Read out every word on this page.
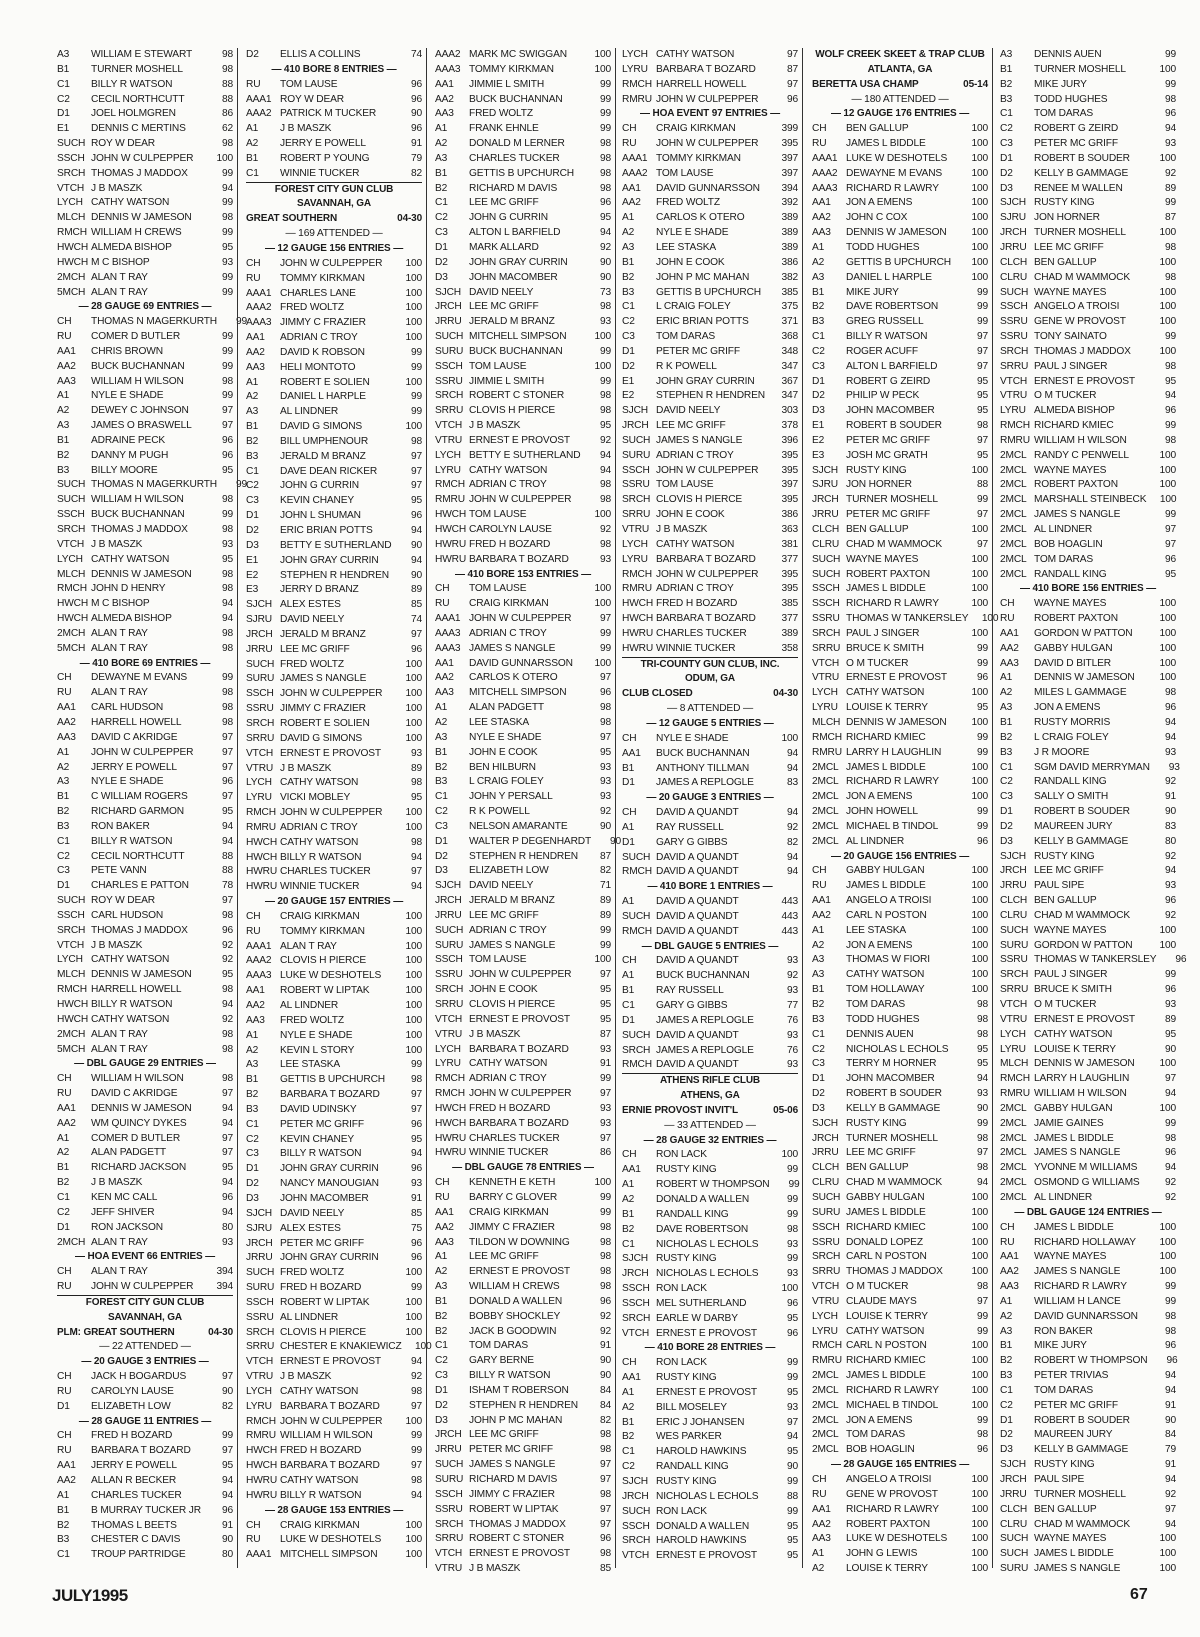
A3	WILLIAM E STEWART	98
B1	TURNER MOSHELL	98
C1	BILLY R WATSON	88
C2	CECIL NORTHCUTT	88
D1	JOEL HOLMGREN	86
E1	DENNIS C MERTINS	62
SUCH ROY W DEAR	98
SSCH JOHN W CULPEPPER	100
SRCH THOMAS J MADDOX	99
VTCH J B MASZK	94
LYCH CATHY WATSON	99
MLCH DENNIS W JAMESON	98
RMCH WILLIAM H CREWS	99
HWCH ALMEDA BISHOP	95
HWCH M C BISHOP	93
2MCH ALAN T RAY	99
5MCH ALAN T RAY	99
— 28 GAUGE 69 ENTRIES —
CH	THOMAS N MAGERKURTH	99
RU	COMER D BUTLER	99
AA1	CHRIS BROWN	99
AA2	BUCK BUCHANNAN	99
AA3	WILLIAM H WILSON	98
A1	NYLE E SHADE	99
A2	DEWEY C JOHNSON	97
A3	JAMES O BRASWELL	97
B1	ADRAINE PECK	96
B2	DANNY M PUGH	96
B3	BILLY MOORE	95
SUCH THOMAS N MAGERKURTH	99
SUCH WILLIAM H WILSON	98
SSCH BUCK BUCHANNAN	99
SRCH THOMAS J MADDOX	98
VTCH J B MASZK	93
LYCH CATHY WATSON	95
MLCH DENNIS W JAMESON	98
RMCH JOHN D HENRY	98
HWCH M C BISHOP	94
HWCH ALMEDA BISHOP	94
2MCH ALAN T RAY	98
5MCH ALAN T RAY	98
— 410 BORE 69 ENTRIES —
CH	DEWAYNE M EVANS	99
RU	ALAN T RAY	98
AA1	CARL HUDSON	98
AA2	HARRELL HOWELL	98
AA3	DAVID C AKRIDGE	97
A1	JOHN W CULPEPPER	97
A2	JERRY E POWELL	97
A3	NYLE E SHADE	96
B1	C WILLIAM ROGERS	97
B2	RICHARD GARMON	95
B3	RON BAKER	94
C1	BILLY R WATSON	94
C2	CECIL NORTHCUTT	88
C3	PETE VANN	88
D1	CHARLES E PATTON	78
SUCH ROY W DEAR	97
SSCH CARL HUDSON	98
SRCH THOMAS J MADDOX	96
VTCH J B MASZK	92
LYCH CATHY WATSON	92
MLCH DENNIS W JAMESON	95
RMCH HARRELL HOWELL	98
HWCH BILLY R WATSON	94
HWCH CATHY WATSON	92
2MCH ALAN T RAY	98
5MCH ALAN T RAY	98
— DBL GAUGE 29 ENTRIES —
CH	WILLIAM H WILSON	98
RU	DAVID C AKRIDGE	97
AA1	DENNIS W JAMESON	94
AA2	WM QUINCY DYKES	94
A1	COMER D BUTLER	97
A2	ALAN PADGETT	97
B1	RICHARD JACKSON	95
B2	J B MASZK	94
C1	KEN MC CALL	96
C2	JEFF SHIVER	94
D1	RON JACKSON	80
2MCH ALAN T RAY	93
— HOA EVENT 66 ENTRIES —
CH	ALAN T RAY	394
RU	JOHN W CULPEPPER	394
FOREST CITY GUN CLUB
SAVANNAH, GA
PLM: GREAT SOUTHERN	04-30
— 22 ATTENDED —
— 20 GAUGE 3 ENTRIES —
CH	JACK H BOGARDUS	97
RU	CAROLYN LAUSE	90
D1	ELIZABETH LOW	82
— 28 GAUGE 11 ENTRIES —
CH	FRED H BOZARD	99
RU	BARBARA T BOZARD	97
AA1	JERRY E POWELL	95
AA2	ALLAN R BECKER	94
A1	CHARLES TUCKER	94
B1	B MURRAY TUCKER JR	96
B2	THOMAS L BEETS	91
B3	CHESTER C DAVIS	90
C1	TROUP PARTRIDGE	80
D2	ELLIS A COLLINS	74
— 410 BORE 8 ENTRIES —
RU	TOM LAUSE	96
AAA1 ROY W DEAR	96
AAA2 PATRICK M TUCKER	90
A1	J B MASZK	96
A2	JERRY E POWELL	91
B1	ROBERT P YOUNG	79
C1	WINNIE TUCKER	82
FOREST CITY GUN CLUB
SAVANNAH, GA
GREAT SOUTHERN	04-30
— 169 ATTENDED —
— 12 GAUGE 156 ENTRIES —
CH	JOHN W CULPEPPER	100
RU	TOMMY KIRKMAN	100
AAA1 CHARLES LANE	100
AAA2 FRED WOLTZ	100
AAA3 JIMMY C FRAZIER	100
AA1	ADRIAN C TROY	100
AA2	DAVID K ROBSON	99
AA3	HELI MONTOTO	99
A1	ROBERT E SOLIEN	100
A2	DANIEL L HARPLE	99
A3	AL LINDNER	99
B1	DAVID G SIMONS	100
B2	BILL UMPHENOUR	98
B3	JERALD M BRANZ	97
C1	DAVE DEAN RICKER	97
C2	JOHN G CURRIN	97
C3	KEVIN CHANEY	95
D1	JOHN L SHUMAN	96
D2	ERIC BRIAN POTTS	94
D3	BETTY E SUTHERLAND	90
E1	JOHN GRAY CURRIN	94
E2	STEPHEN R HENDREN	90
E3	JERRY D BRANZ	89
SJCH ALEX ESTES	85
SJRU DAVID NEELY	74
JRCH JERALD M BRANZ	97
JRRU LEE MC GRIFF	96
SUCH FRED WOLTZ	100
SURU JAMES S NANGLE	100
SSCH JOHN W CULPEPPER	100
SSRU JIMMY C FRAZIER	100
SRCH ROBERT E SOLIEN	100
SRRU DAVID G SIMONS	100
VTCH ERNEST E PROVOST	93
VTRU J B MASZK	89
LYCH CATHY WATSON	98
LYRU VICKI MOBLEY	95
RMCH JOHN W CULPEPPER	100
RMRU ADRIAN C TROY	100
HWCH CATHY WATSON	98
HWCH BILLY R WATSON	94
HWRU CHARLES TUCKER	97
HWRU WINNIE TUCKER	94
— 20 GAUGE 157 ENTRIES —
CH	CRAIG KIRKMAN	100
RU	TOMMY KIRKMAN	100
AAA1 ALAN T RAY	100
AAA2 CLOVIS H PIERCE	100
AAA3 LUKE W DESHOTELS	100
AA1	ROBERT W LIPTAK	100
AA2	AL LINDNER	100
AA3	FRED WOLTZ	100
A1	NYLE E SHADE	100
A2	KEVIN L STORY	100
A3	LEE STASKA	99
B1	GETTIS B UPCHURCH	98
B2	BARBARA T BOZARD	97
B3	DAVID UDINSKY	97
C1	PETER MC GRIFF	96
C2	KEVIN CHANEY	95
C3	BILLY R WATSON	94
D1	JOHN GRAY CURRIN	96
D2	NANCY MANOUGIAN	93
D3	JOHN MACOMBER	91
SJCH DAVID NEELY	85
SJRU ALEX ESTES	75
JRCH PETER MC GRIFF	96
JRRU JOHN GRAY CURRIN	96
SUCH FRED WOLTZ	100
SURU FRED H BOZARD	99
SSCH ROBERT W LIPTAK	100
SSRU AL LINDNER	100
SRCH CLOVIS H PIERCE	100
SRRU CHESTER E KNAKIEWICZ	100
VTCH ERNEST E PROVOST	94
VTRU J B MASZK	92
LYCH CATHY WATSON	98
LYRU BARBARA T BOZARD	97
RMCH JOHN W CULPEPPER	100
RMRU WILLIAM H WILSON	99
HWCH FRED H BOZARD	99
HWCH BARBARA T BOZARD	97
HWRU CATHY WATSON	98
HWRU BILLY R WATSON	94
— 28 GAUGE 153 ENTRIES —
CH	CRAIG KIRKMAN	100
RU	LUKE W DESHOTELS	100
AAA1 MITCHELL SIMPSON	100
AAA2 MARK MC SWIGGAN	100
AAA3 TOMMY KIRKMAN	100
AA1	JIMMIE L SMITH	99
AA2	BUCK BUCHANNAN	99
AA3	FRED WOLTZ	99
A1	FRANK EHNLE	99
A2	DONALD M LERNER	98
A3	CHARLES TUCKER	98
B1	GETTIS B UPCHURCH	98
B2	RICHARD M DAVIS	98
C1	LEE MC GRIFF	96
C2	JOHN G CURRIN	95
C3	ALTON L BARFIELD	94
D1	MARK ALLARD	92
D2	JOHN GRAY CURRIN	90
D3	JOHN MACOMBER	90
SJCH DAVID NEELY	73
JRCH LEE MC GRIFF	98
JRRU JERALD M BRANZ	93
SUCH MITCHELL SIMPSON	100
SURU BUCK BUCHANNAN	99
SSCH TOM LAUSE	100
SSRU JIMMIE L SMITH	99
SRCH ROBERT C STONER	98
SRRU CLOVIS H PIERCE	98
VTCH J B MASZK	95
VTRU ERNEST E PROVOST	92
LYCH BETTY E SUTHERLAND	94
LYRU CATHY WATSON	94
RMCH ADRIAN C TROY	98
RMRU JOHN W CULPEPPER	98
HWCH TOM LAUSE	100
HWCH CAROLYN LAUSE	92
HWRU FRED H BOZARD	98
HWRU BARBARA T BOZARD	93
— 410 BORE 153 ENTRIES —
CH	TOM LAUSE	100
RU	CRAIG KIRKMAN	100
AAA1 JOHN W CULPEPPER	97
AAA3 ADRIAN C TROY	99
AAA3 JAMES S NANGLE	99
AA1	DAVID GUNNARSSON	100
AA2	CARLOS K OTERO	97
AA3	MITCHELL SIMPSON	96
A1	ALAN PADGETT	98
A2	LEE STASKA	98
A3	NYLE E SHADE	97
B1	JOHN E COOK	95
B2	BEN HILBURN	93
B3	L CRAIG FOLEY	93
C1	JOHN Y PERSALL	93
C2	R K POWELL	92
C3	NELSON AMARANTE	90
D1	WALTER P DEGENHARDT	90
D2	STEPHEN R HENDREN	87
D3	ELIZABETH LOW	82
SJCH DAVID NEELY	71
JRCH JERALD M BRANZ	89
JRRU LEE MC GRIFF	89
SUCH ADRIAN C TROY	99
SURU JAMES S NANGLE	99
SSCH TOM LAUSE	100
SSRU JOHN W CULPEPPER	97
SRCH JOHN E COOK	95
SRRU CLOVIS H PIERCE	95
VTCH ERNEST E PROVOST	95
VTRU J B MASZK	87
LYCH BARBARA T BOZARD	93
LYRU CATHY WATSON	91
RMCH ADRIAN C TROY	99
RMCH JOHN W CULPEPPER	97
HWCH FRED H BOZARD	93
HWCH BARBARA T BOZARD	93
HWRU CHARLES TUCKER	97
HWRU WINNIE TUCKER	86
— DBL GAUGE 78 ENTRIES —
CH	KENNETH E KETH	100
RU	BARRY C GLOVER	99
AA1	CRAIG KIRKMAN	99
AA2	JIMMY C FRAZIER	98
AA3	TILDON W DOWNING	98
A1	LEE MC GRIFF	98
A2	ERNEST E PROVOST	98
A3	WILLIAM H CREWS	98
B1	DONALD A WALLEN	96
B2	BOBBY SHOCKLEY	92
B2	JACK B GOODWIN	92
C1	TOM DARAS	91
C2	GARY BERNE	90
C3	BILLY R WATSON	90
D1	ISHAM T ROBERSON	84
D2	STEPHEN R HENDREN	84
D3	JOHN P MC MAHAN	82
JRCH LEE MC GRIFF	98
JRRU PETER MC GRIFF	98
SUCH JAMES S NANGLE	97
SURU RICHARD M DAVIS	97
SSCH JIMMY C FRAZIER	98
SSRU ROBERT W LIPTAK	97
SRCH THOMAS J MADDOX	97
SRRU ROBERT C STONER	96
VTCH ERNEST E PROVOST	98
VTRU J B MASZK	85
LYCH CATHY WATSON	97
LYRU BARBARA T BOZARD	87
RMCH HARRELL HOWELL	97
RMRU JOHN W CULPEPPER	96
— HOA EVENT 97 ENTRIES —
CH	CRAIG KIRKMAN	399
RU	JOHN W CULPEPPER	395
AAA1 TOMMY KIRKMAN	397
AAA2 TOM LAUSE	397
AA1	DAVID GUNNARSSON	394
AA2	FRED WOLTZ	392
A1	CARLOS K OTERO	389
A2	NYLE E SHADE	389
A3	LEE STASKA	389
B1	JOHN E COOK	386
B2	JOHN P MC MAHAN	382
B3	GETTIS B UPCHURCH	385
C1	L CRAIG FOLEY	375
C2	ERIC BRIAN POTTS	371
C3	TOM DARAS	368
D1	PETER MC GRIFF	348
D2	R K POWELL	347
E1	JOHN GRAY CURRIN	367
E2	STEPHEN R HENDREN	347
SJCH DAVID NEELY	303
JRCH LEE MC GRIFF	378
SUCH JAMES S NANGLE	396
SURU ADRIAN C TROY	395
SSCH JOHN W CULPEPPER	395
SSRU TOM LAUSE	397
SRCH CLOVIS H PIERCE	395
SRRU JOHN E COOK	386
VTRU J B MASZK	363
LYCH CATHY WATSON	381
LYRU BARBARA T BOZARD	377
RMCH JOHN W CULPEPPER	395
RMRU ADRIAN C TROY	395
HWCH FRED H BOZARD	385
HWCH BARBARA T BOZARD	377
HWRU CHARLES TUCKER	389
HWRU WINNIE TUCKER	358
TRI-COUNTY GUN CLUB, INC.
ODUM, GA
CLUB CLOSED	04-30
— 8 ATTENDED —
— 12 GAUGE 5 ENTRIES —
CH	NYLE E SHADE	100
AA1	BUCK BUCHANNAN	94
B1	ANTHONY TILLMAN	94
D1	JAMES A REPLOGLE	83
— 20 GAUGE 3 ENTRIES —
CH	DAVID A QUANDT	94
A1	RAY RUSSELL	92
D1	GARY G GIBBS	82
SUCH DAVID A QUANDT	94
RMCH DAVID A QUANDT	94
— 410 BORE 1 ENTRIES —
A1	DAVID A QUANDT	443
SUCH DAVID A QUANDT	443
RMCH DAVID A QUANDT	443
— DBL GAUGE 5 ENTRIES —
CH	DAVID A QUANDT	93
A1	BUCK BUCHANNAN	92
B1	RAY RUSSELL	93
C1	GARY G GIBBS	77
D1	JAMES A REPLOGLE	76
SUCH DAVID A QUANDT	93
SRCH JAMES A REPLOGLE	76
RMCH DAVID A QUANDT	93
ATHENS RIFLE CLUB
ATHENS, GA
ERNIE PROVOST INVIT'L	05-06
— 33 ATTENDED —
— 28 GAUGE 32 ENTRIES —
CH	RON LACK	100
AA1	RUSTY KING	99
A1	ROBERT W THOMPSON	99
A2	DONALD A WALLEN	99
B1	RANDALL KING	99
B2	DAVE ROBERTSON	98
C1	NICHOLAS L ECHOLS	93
SJCH RUSTY KING	99
JRCH NICHOLAS L ECHOLS	93
SSCH RON LACK	100
SSCH MEL SUTHERLAND	96
SRCH EARLE W DARBY	95
VTCH ERNEST E PROVOST	96
— 410 BORE 28 ENTRIES —
CH	RON LACK	99
AA1	RUSTY KING	99
A1	ERNEST E PROVOST	95
A2	BILL MOSELEY	93
B1	ERIC J JOHANSEN	97
B2	WES PARKER	94
C1	HAROLD HAWKINS	95
C2	RANDALL KING	90
SJCH RUSTY KING	99
JRCH NICHOLAS L ECHOLS	88
SUCH RON LACK	99
SSCH DONALD A WALLEN	95
SRCH HAROLD HAWKINS	95
VTCH ERNEST E PROVOST	95
WOLF CREEK SKEET & TRAP CLUB
ATLANTA, GA
BERETTA USA CHAMP	05-14
— 180 ATTENDED —
— 12 GAUGE 176 ENTRIES —
CH	BEN GALLUP	100
RU	JAMES L BIDDLE	100
AAA1 LUKE W DESHOTELS	100
AAA2 DEWAYNE M EVANS	100
AAA3 RICHARD R LAWRY	100
AA1	JON A EMENS	100
AA2	JOHN C COX	100
AA3	DENNIS W JAMESON	100
A1	TODD HUGHES	100
A2	GETTIS B UPCHURCH	100
A3	DANIEL L HARPLE	100
B1	MIKE JURY	99
B2	DAVE ROBERTSON	99
B3	GREG RUSSELL	99
C1	BILLY R WATSON	97
C2	ROGER ACUFF	97
C3	ALTON L BARFIELD	97
D1	ROBERT G ZEIRD	95
D2	PHILIP W PECK	95
D3	JOHN MACOMBER	95
E1	ROBERT B SOUDER	98
E2	PETER MC GRIFF	97
E3	JOSH MC GRATH	95
SJCH RUSTY KING	100
SJRU JON HORNER	88
JRCH TURNER MOSHELL	99
JRRU PETER MC GRIFF	97
CLCH BEN GALLUP	100
CLRU CHAD M WAMMOCK	97
SUCH WAYNE MAYES	100
SUCH ROBERT PAXTON	100
SSCH JAMES L BIDDLE	100
SSCH RICHARD R LAWRY	100
SSRU THOMAS W TANKERSLEY	100
SRCH PAUL J SINGER	100
SRRU BRUCE K SMITH	99
VTCH O M TUCKER	99
VTRU ERNEST E PROVOST	96
LYCH CATHY WATSON	100
LYRU LOUISE K TERRY	95
MLCH DENNIS W JAMESON	100
RMCH RICHARD KMIEC	99
RMRU LARRY H LAUGHLIN	99
2MCL JAMES L BIDDLE	100
2MCL RICHARD R LAWRY	100
2MCL JON A EMENS	100
2MCL JOHN HOWELL	99
2MCL MICHAEL B TINDOL	99
2MCL AL LINDNER	96
— 20 GAUGE 156 ENTRIES —
CH	GABBY HULGAN	100
RU	JAMES L BIDDLE	100
AA1	ANGELO A TROISI	100
AA2	CARL N POSTON	100
A1	LEE STASKA	100
A2	JON A EMENS	100
A3	THOMAS W FIORI	100
A3	CATHY WATSON	100
B1	TOM HOLLAWAY	100
B2	TOM DARAS	98
B3	TODD HUGHES	98
C1	DENNIS AUEN	98
C2	NICHOLAS L ECHOLS	95
C3	TERRY M HORNER	95
D1	JOHN MACOMBER	94
D2	ROBERT B SOUDER	93
D3	KELLY B GAMMAGE	90
SJCH RUSTY KING	99
JRCH TURNER MOSHELL	98
JRRU LEE MC GRIFF	97
CLCH BEN GALLUP	98
CLRU CHAD M WAMMOCK	94
SUCH GABBY HULGAN	100
SURU JAMES L BIDDLE	100
SSCH RICHARD KMIEC	100
SSRU DONALD LOPEZ	100
SRCH CARL N POSTON	100
SRRU THOMAS J MADDOX	100
VTCH O M TUCKER	98
VTRU CLAUDE MAYS	97
LYCH LOUISE K TERRY	99
LYRU CATHY WATSON	99
RMCH CARL N POSTON	100
RMRU RICHARD KMIEC	100
2MCL JAMES L BIDDLE	100
2MCL RICHARD R LAWRY	100
2MCL MICHAEL B TINDOL	100
2MCL JON A EMENS	99
2MCL TOM DARAS	98
2MCL BOB HOAGLIN	96
— 28 GAUGE 165 ENTRIES —
CH	ANGELO A TROISI	100
RU	GENE W PROVOST	100
AA1	RICHARD R LAWRY	100
AA2	ROBERT PAXTON	100
AA3	LUKE W DESHOTELS	100
A1	JOHN G LEWIS	100
A2	LOUISE K TERRY	100
A3	DENNIS AUEN	99
B1	TURNER MOSHELL	100
B2	MIKE JURY	99
B3	TODD HUGHES	98
C1	TOM DARAS	96
C2	ROBERT G ZEIRD	94
C3	PETER MC GRIFF	93
D1	ROBERT B SOUDER	100
D2	KELLY B GAMMAGE	92
D3	RENEE M WALLEN	89
SJCH RUSTY KING	99
SJRU JON HORNER	87
JRCH TURNER MOSHELL	100
JRRU LEE MC GRIFF	98
CLCH BEN GALLUP	100
CLRU CHAD M WAMMOCK	98
SUCH WAYNE MAYES	100
SSCH ANGELO A TROISI	100
SSRU GENE W PROVOST	100
SSRU TONY SAINATO	99
SRCH THOMAS J MADDOX	100
SRRU PAUL J SINGER	98
VTCH ERNEST E PROVOST	95
VTRU O M TUCKER	94
LYRU ALMEDA BISHOP	96
RMCH RICHARD KMIEC	99
RMRU WILLIAM H WILSON	98
2MCL RANDY C PENWELL	100
2MCL WAYNE MAYES	100
2MCL ROBERT PAXTON	100
2MCL MARSHALL STEINBECK	100
2MCL JAMES S NANGLE	99
2MCL AL LINDNER	97
2MCL BOB HOAGLIN	97
2MCL TOM DARAS	96
2MCL RANDALL KING	95
— 410 BORE 156 ENTRIES —
CH	WAYNE MAYES	100
RU	ROBERT PAXTON	100
AA1	GORDON W PATTON	100
AA2	GABBY HULGAN	100
AA3	DAVID D BITLER	100
A1	DENNIS W JAMESON	100
A2	MILES L GAMMAGE	98
A3	JON A EMENS	96
B1	RUSTY MORRIS	94
B2	L CRAIG FOLEY	94
B3	J R MOORE	93
C1	SGM DAVID MERRYMAN	93
C2	RANDALL KING	92
C3	SALLY O SMITH	91
D1	ROBERT B SOUDER	90
D2	MAUREEN JURY	83
D3	KELLY B GAMMAGE	80
SJCH RUSTY KING	92
JRCH LEE MC GRIFF	94
JRRU PAUL SIPE	93
CLCH BEN GALLUP	96
CLRU CHAD M WAMMOCK	92
SUCH WAYNE MAYES	100
SURU GORDON W PATTON	100
SSRU THOMAS W TANKERSLEY	96
SRCH PAUL J SINGER	99
SRRU BRUCE K SMITH	96
VTCH O M TUCKER	93
VTRU ERNEST E PROVOST	89
LYCH CATHY WATSON	95
LYRU LOUISE K TERRY	90
MLCH DENNIS W JAMESON	100
RMCH LARRY H LAUGHLIN	97
RMRU WILLIAM H WILSON	94
2MCL GABBY HULGAN	100
2MCL JAMIE GAINES	99
2MCL JAMES L BIDDLE	98
2MCL JAMES S NANGLE	96
2MCL YVONNE M WILLIAMS	94
2MCL OSMOND G WILLIAMS	92
2MCL AL LINDNER	92
— DBL GAUGE 124 ENTRIES —
CH	JAMES L BIDDLE	100
RU	RICHARD HOLLAWAY	100
AA1	WAYNE MAYES	100
AA2	JAMES S NANGLE	100
AA3	RICHARD R LAWRY	99
A1	WILLIAM H LANCE	99
A2	DAVID GUNNARSSON	98
A3	RON BAKER	98
B1	MIKE JURY	96
B2	ROBERT W THOMPSON	96
B3	PETER TRIVIAS	94
C1	TOM DARAS	94
C2	PETER MC GRIFF	91
D1	ROBERT B SOUDER	90
D2	MAUREEN JURY	84
D3	KELLY B GAMMAGE	79
SJCH RUSTY KING	91
JRCH PAUL SIPE	94
JRRU TURNER MOSHELL	92
CLCH BEN GALLUP	97
CLRU CHAD M WAMMOCK	94
SUCH WAYNE MAYES	100
SUCH JAMES L BIDDLE	100
SURU JAMES S NANGLE	100
JULY1995	67
